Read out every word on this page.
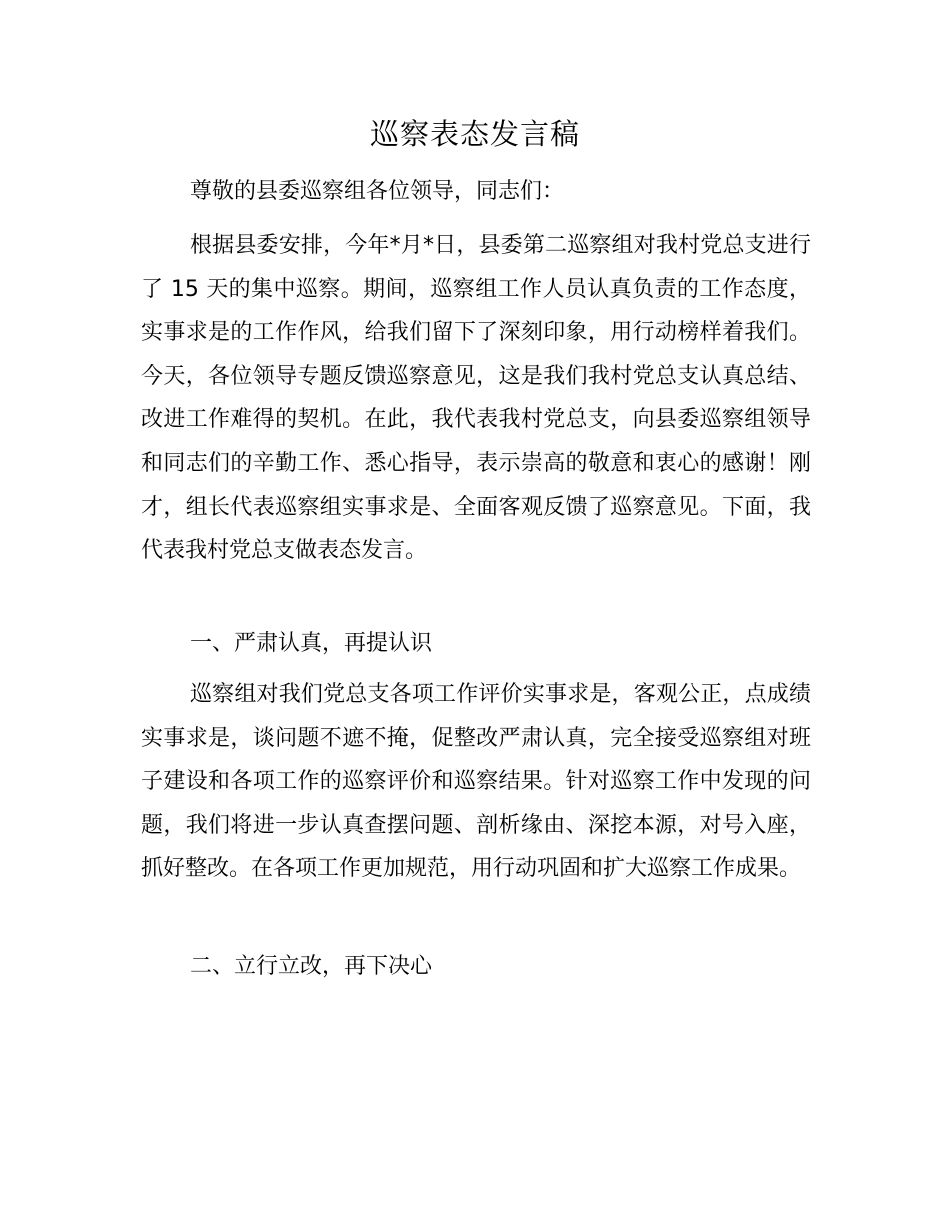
巡察表态发言稿

尊敬的县委巡察组各位领导，同志们：

根据县委安排，今年*月*日，县委第二巡察组对我村党总支进行了 15 天的集中巡察。期间，巡察组工作人员认真负责的工作态度，实事求是的工作作风，给我们留下了深刻印象，用行动榜样着我们。今天，各位领导专题反馈巡察意见，这是我们我村党总支认真总结、改进工作难得的契机。在此，我代表我村党总支，向县委巡察组领导和同志们的辛勤工作、悉心指导，表示崇高的敬意和衷心的感谢！刚才，组长代表巡察组实事求是、全面客观反馈了巡察意见。下面，我代表我村党总支做表态发言。

一、严肃认真，再提认识

巡察组对我们党总支各项工作评价实事求是，客观公正，点成绩实事求是，谈问题不遮不掩，促整改严肃认真，完全接受巡察组对班子建设和各项工作的巡察评价和巡察结果。针对巡察工作中发现的问题，我们将进一步认真查摆问题、剖析缘由、深挖本源，对号入座，抓好整改。在各项工作更加规范，用行动巩固和扩大巡察工作成果。

二、立行立改，再下决心
